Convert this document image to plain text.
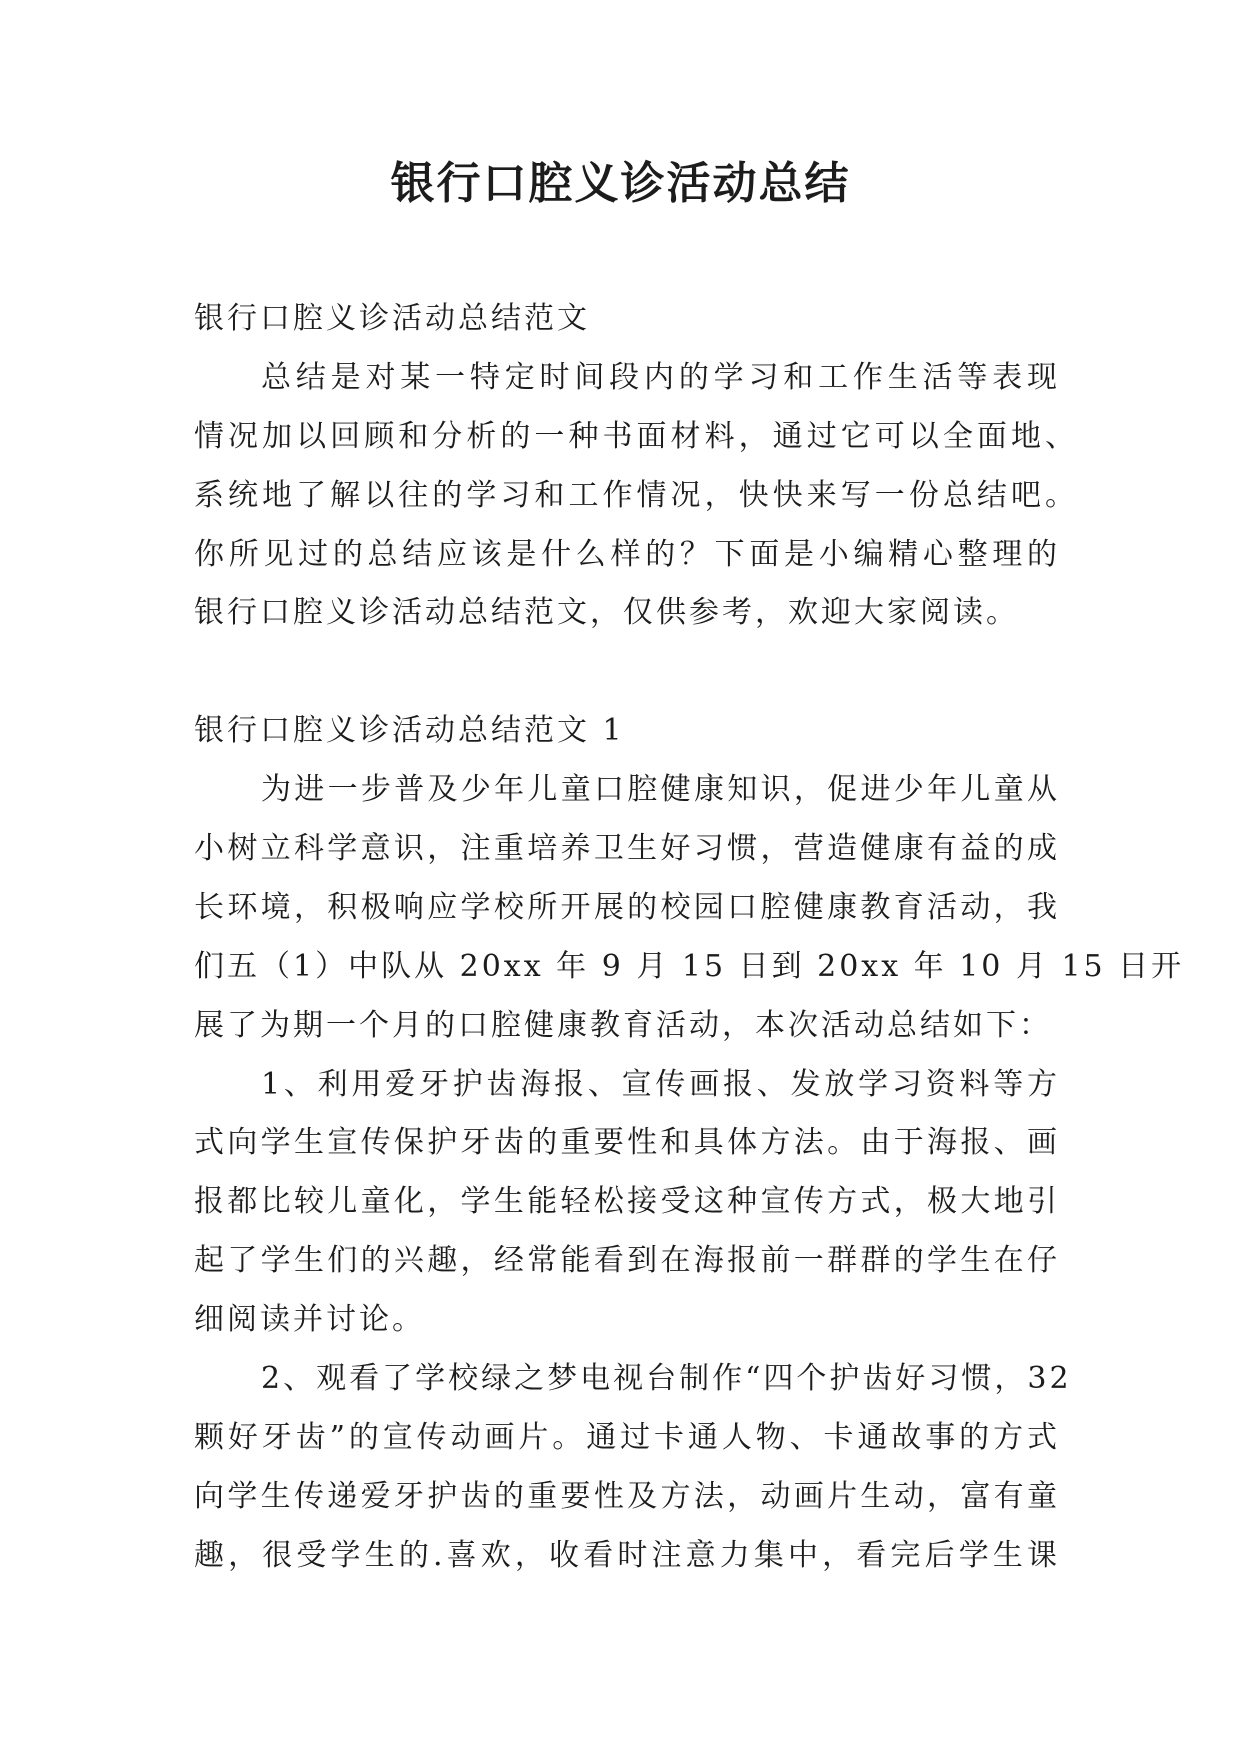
银行口腔义诊活动总结
银行口腔义诊活动总结范文
总结是对某一特定时间段内的学习和工作生活等表现
情况加以回顾和分析的一种书面材料，通过它可以全面地、
系统地了解以往的学习和工作情况，快快来写一份总结吧。
你所见过的总结应该是什么样的？下面是小编精心整理的
银行口腔义诊活动总结范文，仅供参考，欢迎大家阅读。
银行口腔义诊活动总结范文 1
为进一步普及少年儿童口腔健康知识，促进少年儿童从
小树立科学意识，注重培养卫生好习惯，营造健康有益的成
长环境，积极响应学校所开展的校园口腔健康教育活动，我
们五（1）中队从 20xx 年 9 月 15 日到 20xx 年 10 月 15 日开
展了为期一个月的口腔健康教育活动，本次活动总结如下：
1、利用爱牙护齿海报、宣传画报、发放学习资料等方
式向学生宣传保护牙齿的重要性和具体方法。由于海报、画
报都比较儿童化，学生能轻松接受这种宣传方式，极大地引
起了学生们的兴趣，经常能看到在海报前一群群的学生在仔
细阅读并讨论。
2、观看了学校绿之梦电视台制作“四个护齿好习惯，32
颗好牙齿”的宣传动画片。通过卡通人物、卡通故事的方式
向学生传递爱牙护齿的重要性及方法，动画片生动，富有童
趣，很受学生的.喜欢，收看时注意力集中，看完后学生课
